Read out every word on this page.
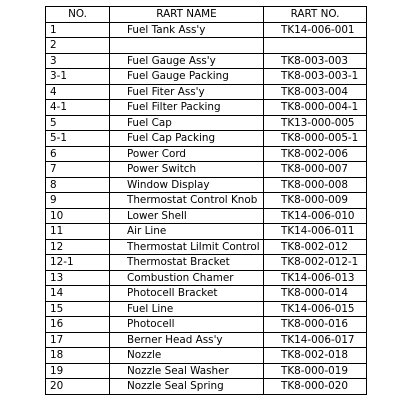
NO.	RART NAME	RART NO.
1	Fuel Tank Ass'y	TK14-006-001
2		
3	Fuel Gauge Ass'y	TK8-003-003
3-1	Fuel Gauge Packing	TK8-003-003-1
4	Fuel Fiter Ass'y	TK8-003-004
4-1	Fuel Filter Packing	TK8-000-004-1
5	Fuel Cap	TK13-000-005
5-1	Fuel Cap Packing	TK8-000-005-1
6	Power Cord	TK8-002-006
7	Power Switch	TK8-000-007
8	Window Display	TK8-000-008
9	Thermostat Control Knob	TK8-000-009
10	Lower Shell	TK14-006-010
11	Air Line	TK14-006-011
12	Thermostat Lilmit Control	TK8-002-012
12-1	Thermostat Bracket	TK8-002-012-1
13	Combustion Chamer	TK14-006-013
14	Photocell Bracket	TK8-000-014
15	Fuel Line	TK14-006-015
16	Photocell	TK8-000-016
17	Berner Head Ass'y	TK14-006-017
18	Nozzle	TK8-002-018
19	Nozzle Seal Washer	TK8-000-019
20	Nozzle Seal Spring	TK8-000-020
